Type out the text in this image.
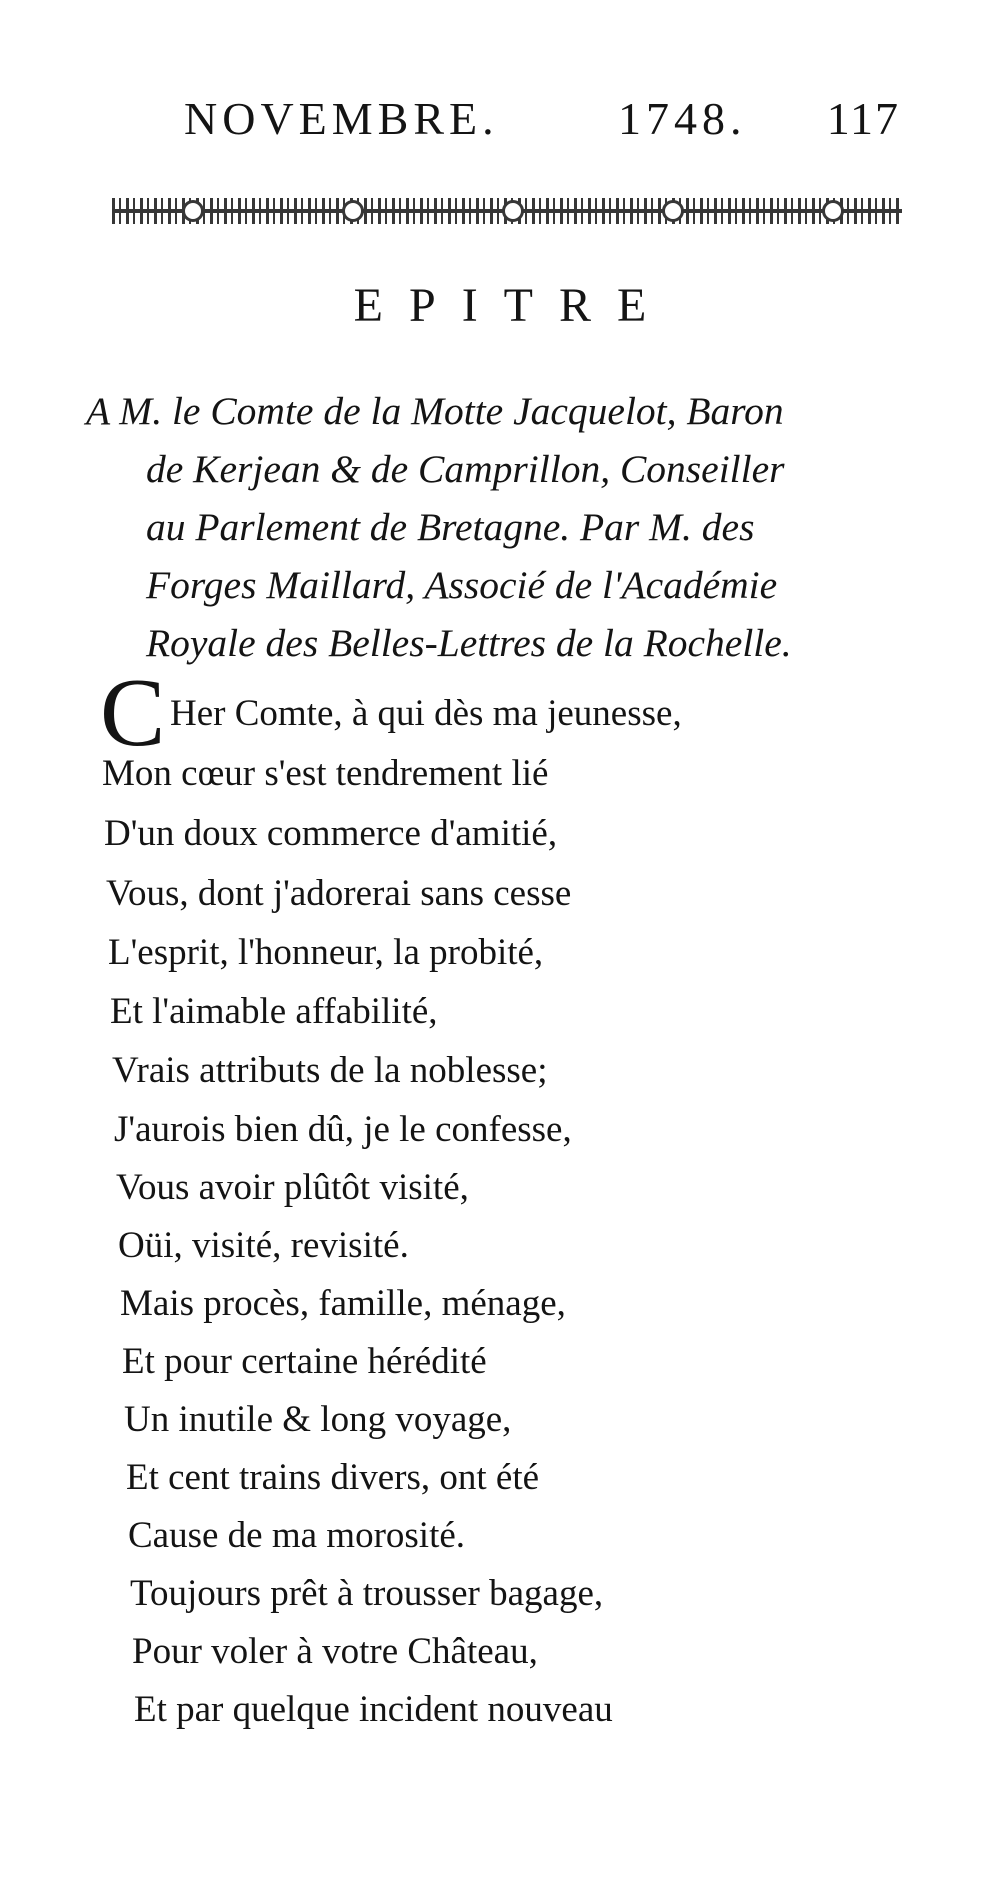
NOVEMBRE.	1748. 117
EPITRE
A M. le Comte de la Motte Jacquelot, Baron
de Kerjean & de Camprillon, Conseiller
au Parlement de Bretagne. Par M. des
Forges Maillard, Associé de l'Académie
Royale des Belles-Lettres de la Rochelle.
C Her Comte, à qui dès ma jeunesse,
Mon cœur s'est tendrement lié
D'un doux commerce d'amitié,
Vous, dont j'adorerai sans cesse
L'esprit, l'honneur, la probité,
Et l'aimable affabilité,
Vrais attributs de la noblesse;
J'aurois bien dû, je le confesse,
Vous avoir plûtôt visité,
Oüi, visité, revisité.
Mais procès, famille, ménage,
Et pour certaine hérédité
Un inutile & long voyage,
Et cent trains divers, ont été
Cause de ma morosité.
Toujours prêt à trousser bagage,
Pour voler à votre Château,
Et par quelque incident nouveau
